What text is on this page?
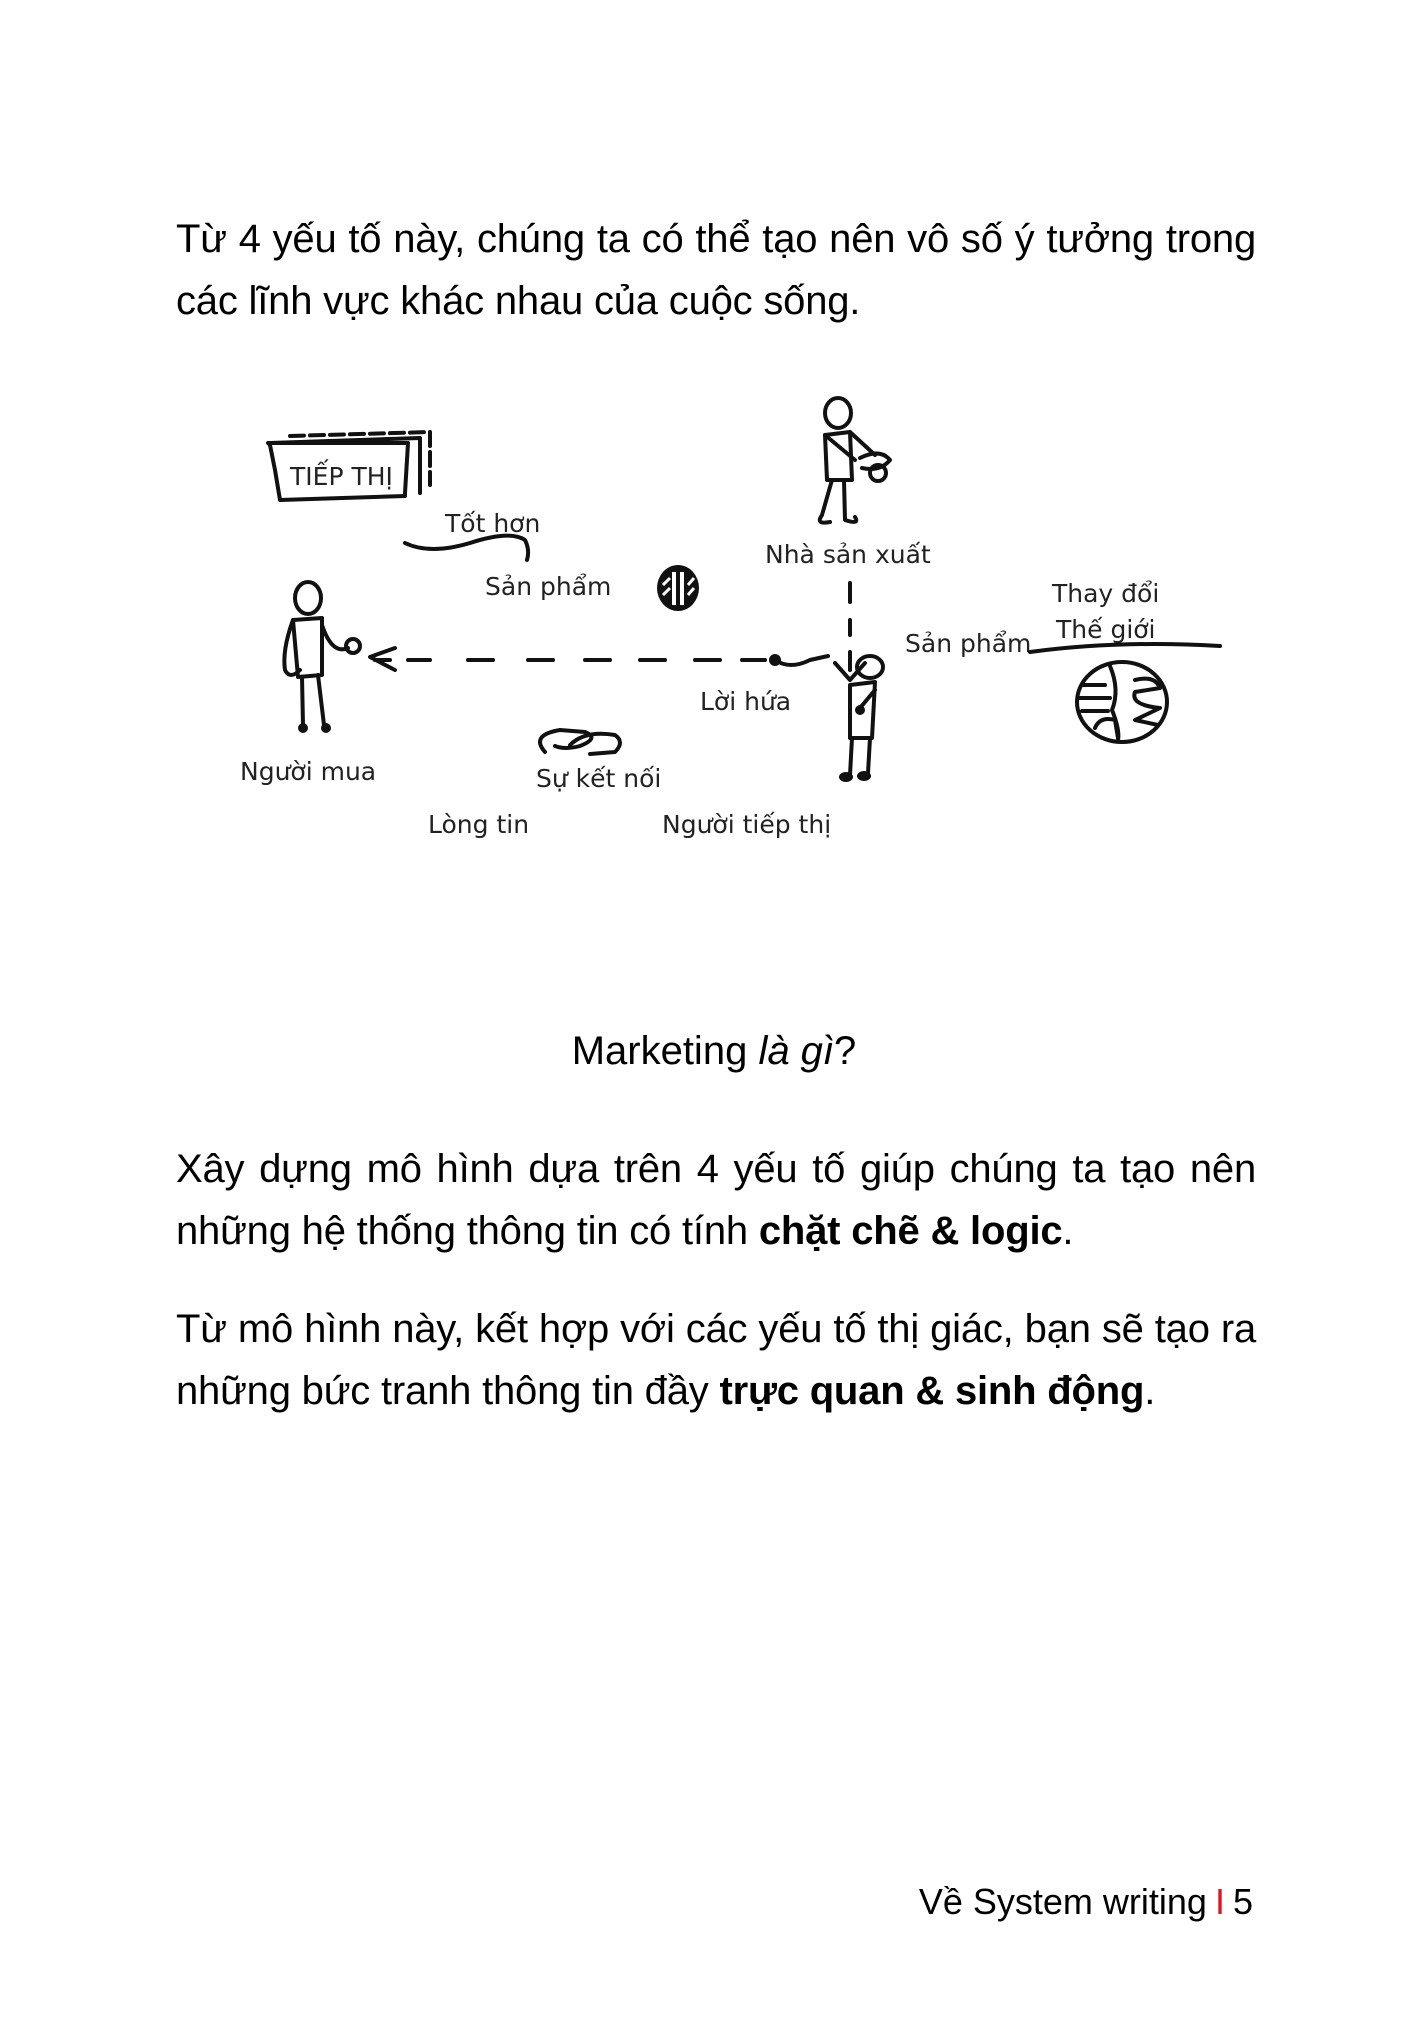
Từ 4 yếu tố này, chúng ta có thể tạo nên vô số ý tưởng trong các lĩnh vực khác nhau của cuộc sống.

TIẾP THỊ
Nhà sản xuất
Sản phẩm
Thay đổi
Thế giới
Tốt hơn
Sản phẩm
Người mua
Lời hứa
Sự kết nối
Lòng tin	Người tiếp thị
Marketing là gì?

Xây dựng mô hình dựa trên 4 yếu tố giúp chúng ta tạo nên những hệ thống thông tin có tính chặt chẽ & logic.

Từ mô hình này, kết hợp với các yếu tố thị giác, bạn sẽ tạo ra những bức tranh thông tin đầy trực quan & sinh động.

Về System writing I 5
